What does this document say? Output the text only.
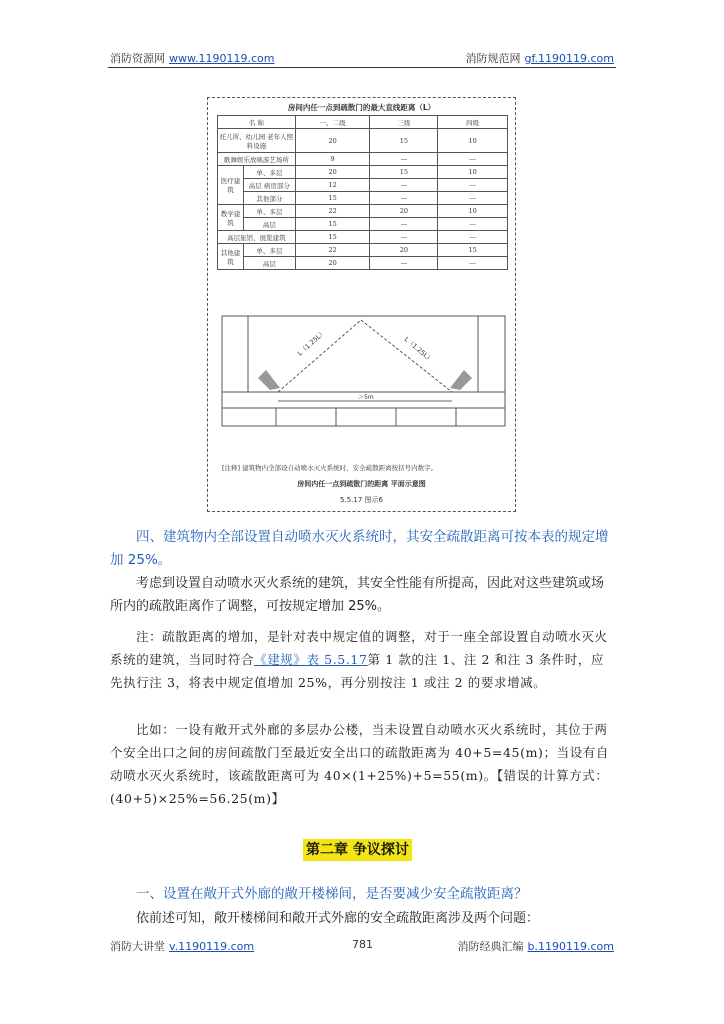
消防资源网 www.1190119.com	消防规范网 gf.1190119.com
房间内任一点到疏散门的最大直线距离（L）
名 称		一、二级	三级	四级
托儿所、幼儿园 老年人照料设施		20	15	10
歌舞娱乐放映游艺场所		9	—	—
医疗建筑	单、多层	20	15	10
	高层 病房部分	12	—	—
	其他部分	15	—	—
教学建筑	单、多层	22	20	10
	高层	15	—	—
高层旅馆、展览建筑		15	—	—
其他建筑	单、多层	22	20	15
	高层	20	—	—
L（1.25L）	L（1.25L）
＞5m
[注释] 建筑物内全部设自动喷水灭火系统时，安全疏散距离按括号内数字。
房间内任一点到疏散门的距离 平面示意图
5.5.17 图示6

四、建筑物内全部设置自动喷水灭火系统时，其安全疏散距离可按本表的规定增加 25%。

考虑到设置自动喷水灭火系统的建筑，其安全性能有所提高，因此对这些建筑或场所内的疏散距离作了调整，可按规定增加 25%。

注：疏散距离的增加，是针对表中规定值的调整，对于一座全部设置自动喷水灭火系统的建筑，当同时符合《建规》表 5.5.17第 1 款的注 1、注 2 和注 3 条件时，应先执行注 3，将表中规定值增加 25%，再分别按注 1 或注 2 的要求增减。

比如：一设有敞开式外廊的多层办公楼，当未设置自动喷水灭火系统时，其位于两个安全出口之间的房间疏散门至最近安全出口的疏散距离为 40+5=45(m)；当设有自动喷水灭火系统时，该疏散距离可为 40×(1+25%)+5=55(m)。【错误的计算方式：(40+5)×25%=56.25(m)】

第二章 争议探讨
一、设置在敞开式外廊的敞开楼梯间，是否要减少安全疏散距离？
依前述可知，敞开楼梯间和敞开式外廊的安全疏散距离涉及两个问题：
消防大讲堂 v.1190119.com	781	消防经典汇编 b.1190119.com
